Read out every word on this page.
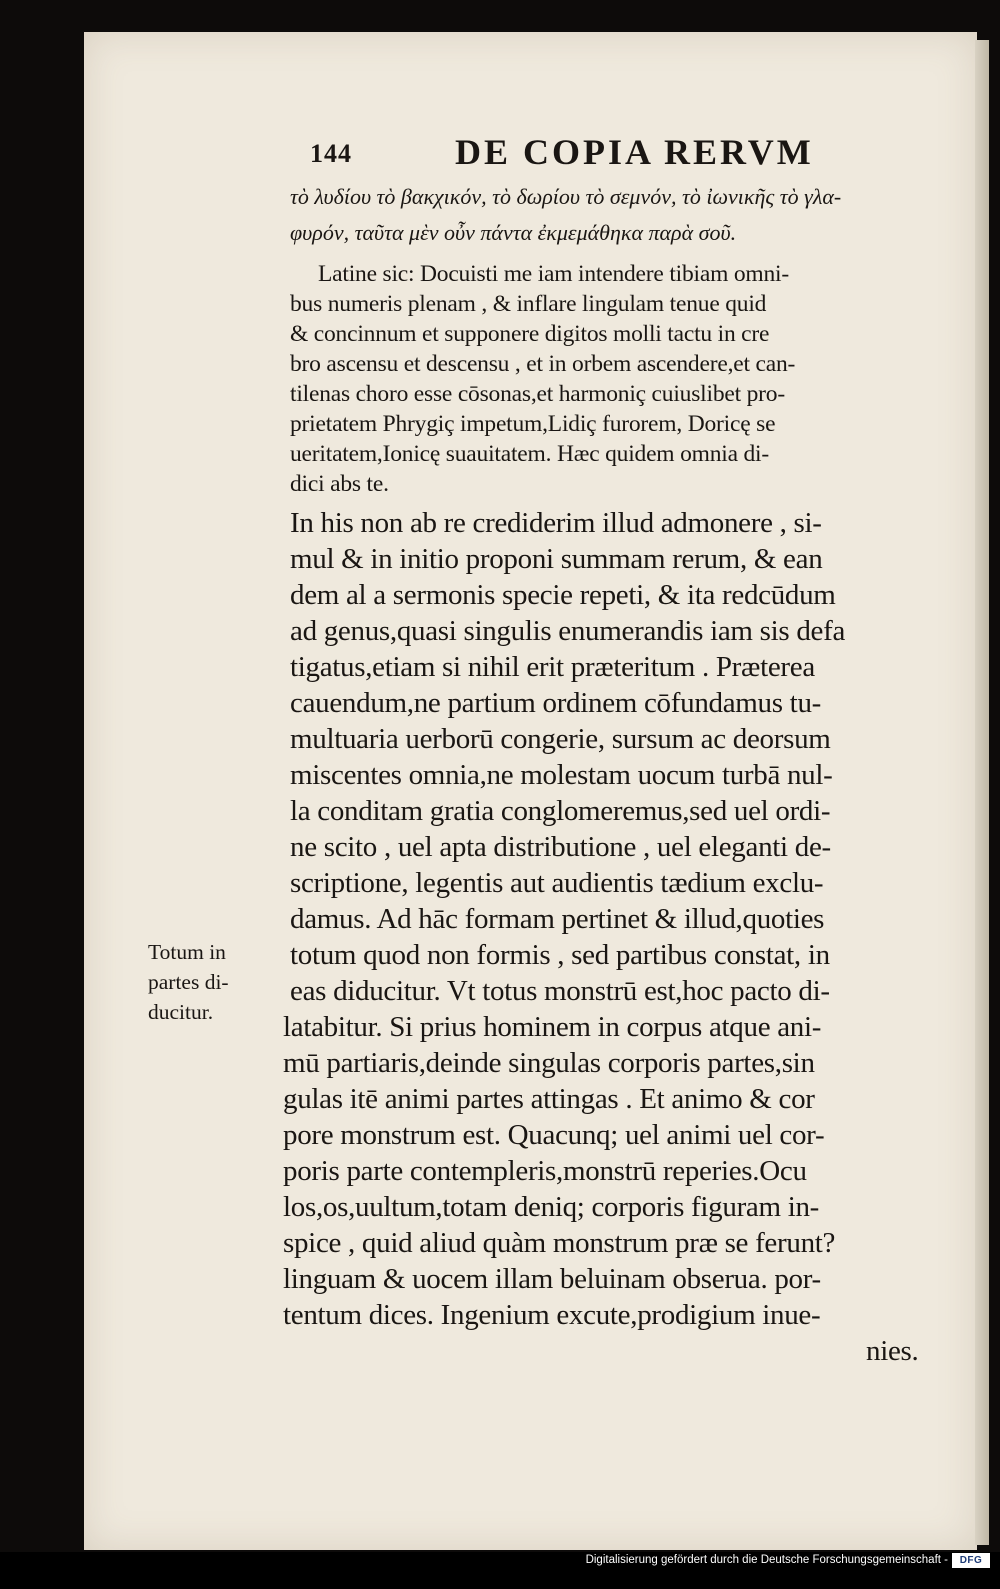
144	DE COPIA RERVM
τὸ λυδίου τὸ βακχικόν, τὸ δωρίου τὸ σεμνόν, τὸ ἰωνικῆς τὸ γλα-
φυρόν, ταῦτα μὲν οὖν πάντα ἐκμεμάθηκα παρὰ σοῦ.
Latine sic: Docuisti me iam intendere tibiam omni-
bus numeris plenam , & inflare lingulam tenue quid
& concinnum et supponere digitos molli tactu in cre
bro ascensu et descensu , et in orbem ascendere,et can-
tilenas choro esse cōsonas,et harmoniç cuiuslibet pro-
prietatem Phrygiç impetum,Lidiç furorem, Doricę se
ueritatem,Ionicę suauitatem. Hæc quidem omnia di-
dici abs te.
In his non ab re crediderim illud admonere , si-
mul & in initio proponi summam rerum, & ean
dem al a sermonis specie repeti, & ita redcūdum
ad genus,quasi singulis enumerandis iam sis defa
tigatus,etiam si nihil erit præteritum . Præterea
cauendum,ne partium ordinem cōfundamus tu-
multuaria uerborū congerie, sursum ac deorsum
miscentes omnia,ne molestam uocum turbā nul-
la conditam gratia conglomeremus,sed uel ordi-
ne scito , uel apta distributione , uel eleganti de-
scriptione, legentis aut audientis tædium exclu-
damus. Ad hāc formam pertinet & illud,quoties
totum quod non formis , sed partibus constat, in
eas diducitur. Vt totus monstrū est,hoc pacto di-
latabitur. Si prius hominem in corpus atque ani-
mū partiaris,deinde singulas corporis partes,sin
gulas itē animi partes attingas . Et animo & cor
pore monstrum est. Quacunq; uel animi uel cor-
poris parte contempleris,monstrū reperies.Ocu
los,os,uultum,totam deniq; corporis figuram in-
spice , quid aliud quàm monstrum præ se ferunt?
linguam & uocem illam beluinam obserua. por-
tentum dices. Ingenium excute,prodigium inue-
nies.
Totum in
partes di-
ducitur.
Digitalisierung gefördert durch die Deutsche Forschungsgemeinschaft -	DFG
